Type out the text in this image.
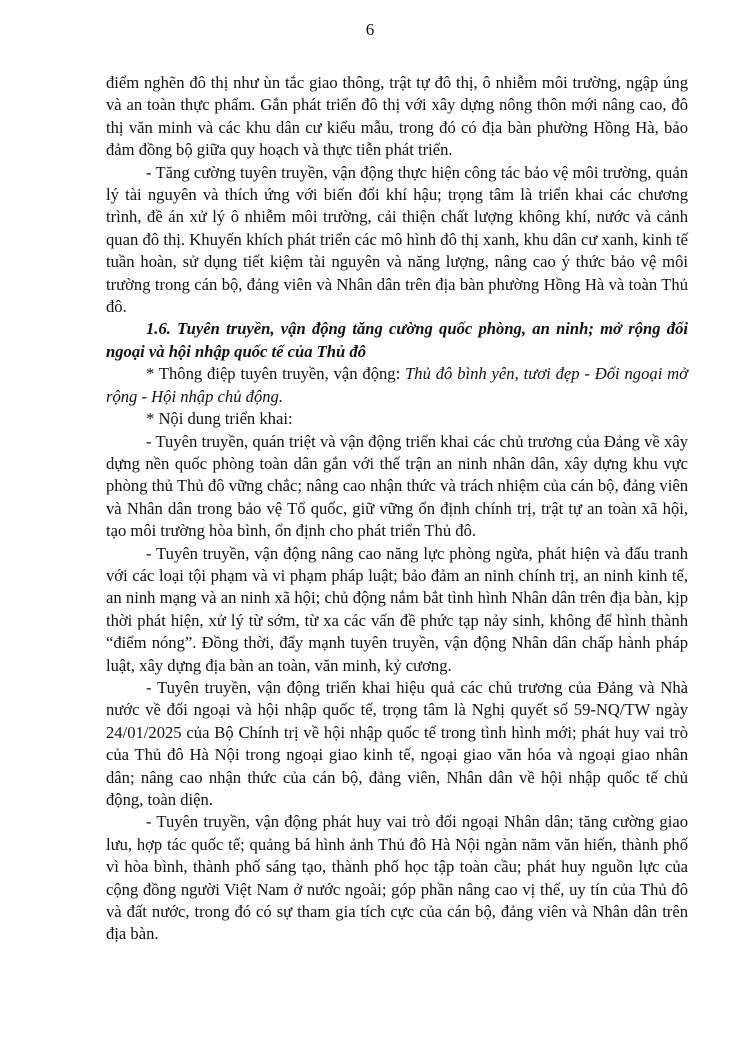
6

điểm nghẽn đô thị như ùn tắc giao thông, trật tự đô thị, ô nhiễm môi trường, ngập úng và an toàn thực phẩm. Gắn phát triển đô thị với xây dựng nông thôn mới nâng cao, đô thị văn minh và các khu dân cư kiểu mẫu, trong đó có địa bàn phường Hồng Hà, bảo đảm đồng bộ giữa quy hoạch và thực tiễn phát triển.

- Tăng cường tuyên truyền, vận động thực hiện công tác bảo vệ môi trường, quản lý tài nguyên và thích ứng với biến đổi khí hậu; trọng tâm là triển khai các chương trình, đề án xử lý ô nhiễm môi trường, cải thiện chất lượng không khí, nước và cảnh quan đô thị. Khuyến khích phát triển các mô hình đô thị xanh, khu dân cư xanh, kinh tế tuần hoàn, sử dụng tiết kiệm tài nguyên và năng lượng, nâng cao ý thức bảo vệ môi trường trong cán bộ, đảng viên và Nhân dân trên địa bàn phường Hồng Hà và toàn Thủ đô.

1.6. Tuyên truyền, vận động tăng cường quốc phòng, an ninh; mở rộng đối ngoại và hội nhập quốc tế của Thủ đô

* Thông điệp tuyên truyền, vận động: Thủ đô bình yên, tươi đẹp - Đối ngoại mở rộng - Hội nhập chủ động.

* Nội dung triển khai:

- Tuyên truyền, quán triệt và vận động triển khai các chủ trương của Đảng về xây dựng nền quốc phòng toàn dân gắn với thế trận an ninh nhân dân, xây dựng khu vực phòng thủ Thủ đô vững chắc; nâng cao nhận thức và trách nhiệm của cán bộ, đảng viên và Nhân dân trong bảo vệ Tổ quốc, giữ vững ổn định chính trị, trật tự an toàn xã hội, tạo môi trường hòa bình, ổn định cho phát triển Thủ đô.

- Tuyên truyền, vận động nâng cao năng lực phòng ngừa, phát hiện và đấu tranh với các loại tội phạm và vi phạm pháp luật; bảo đảm an ninh chính trị, an ninh kinh tế, an ninh mạng và an ninh xã hội; chủ động nắm bắt tình hình Nhân dân trên địa bàn, kịp thời phát hiện, xử lý từ sớm, từ xa các vấn đề phức tạp nảy sinh, không để hình thành “điểm nóng”. Đồng thời, đẩy mạnh tuyên truyền, vận động Nhân dân chấp hành pháp luật, xây dựng địa bàn an toàn, văn minh, kỷ cương.

- Tuyên truyền, vận động triển khai hiệu quả các chủ trương của Đảng và Nhà nước về đối ngoại và hội nhập quốc tế, trọng tâm là Nghị quyết số 59-NQ/TW ngày 24/01/2025 của Bộ Chính trị về hội nhập quốc tế trong tình hình mới; phát huy vai trò của Thủ đô Hà Nội trong ngoại giao kinh tế, ngoại giao văn hóa và ngoại giao nhân dân; nâng cao nhận thức của cán bộ, đảng viên, Nhân dân về hội nhập quốc tế chủ động, toàn diện.

- Tuyên truyền, vận động phát huy vai trò đối ngoại Nhân dân; tăng cường giao lưu, hợp tác quốc tế; quảng bá hình ảnh Thủ đô Hà Nội ngàn năm văn hiến, thành phố vì hòa bình, thành phố sáng tạo, thành phố học tập toàn cầu; phát huy nguồn lực của cộng đồng người Việt Nam ở nước ngoài; góp phần nâng cao vị thế, uy tín của Thủ đô và đất nước, trong đó có sự tham gia tích cực của cán bộ, đảng viên và Nhân dân trên địa bàn.
